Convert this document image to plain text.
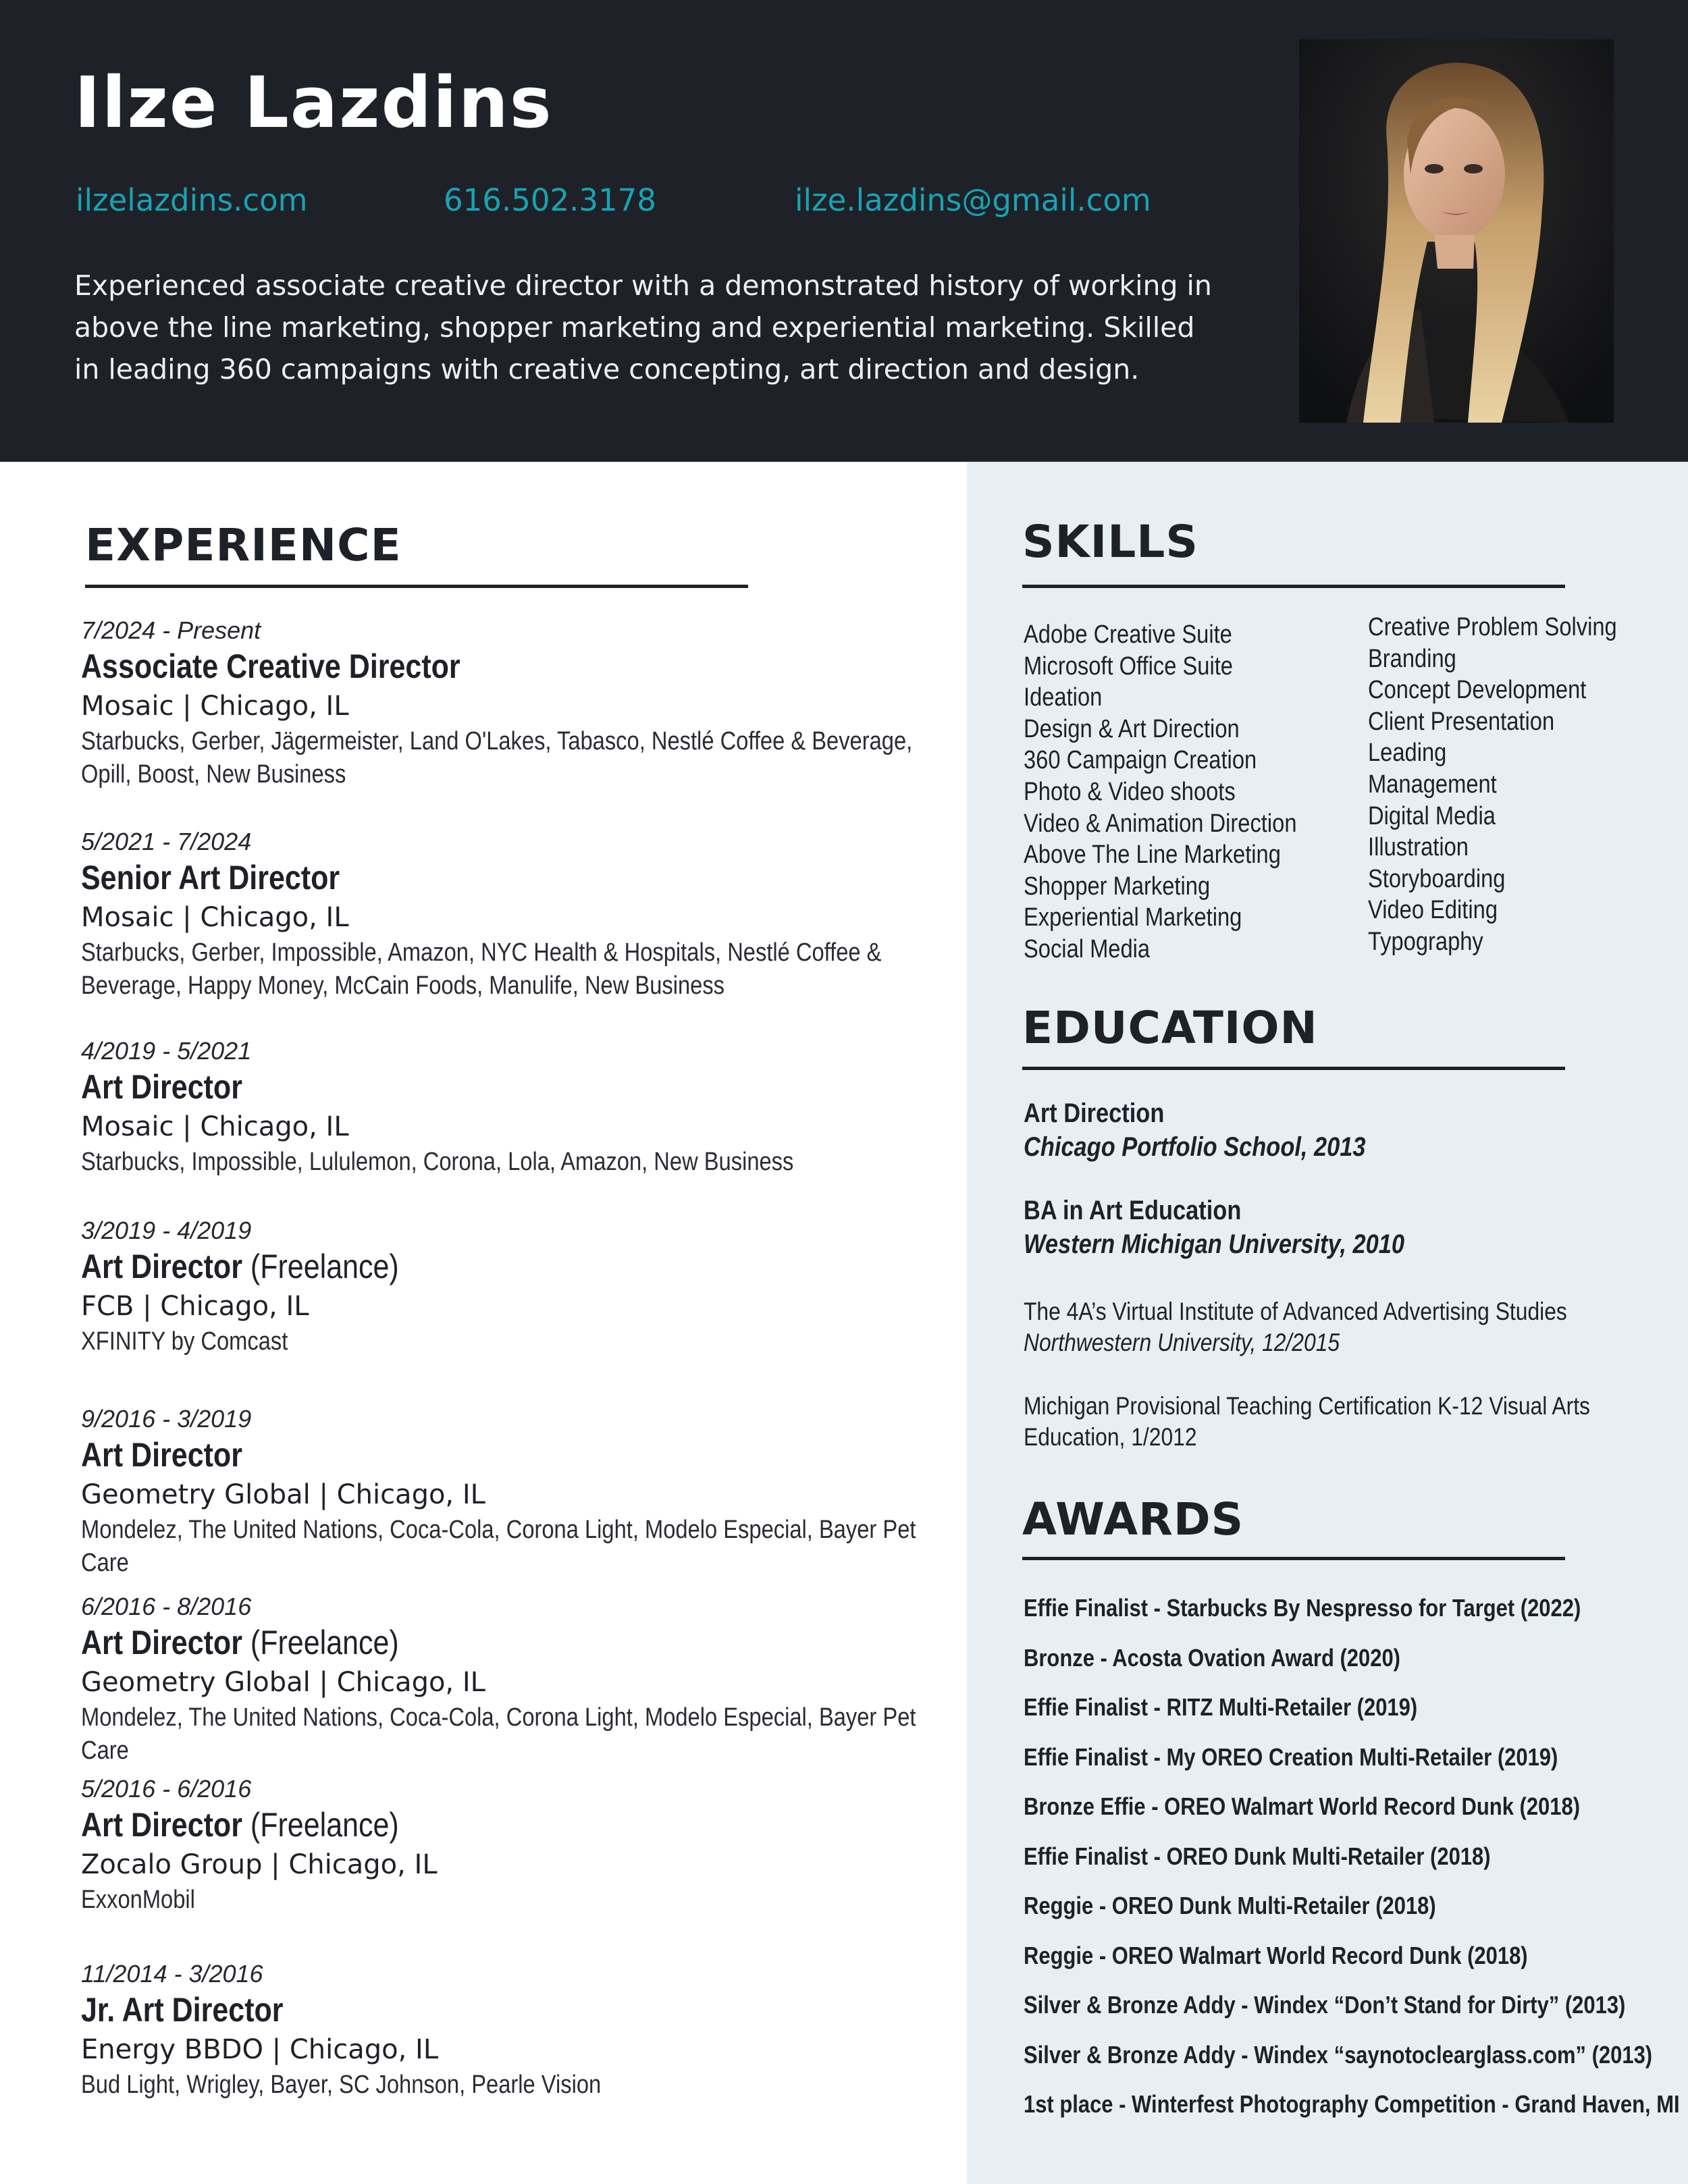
Ilze Lazdins
ilzelazdins.com	616.502.3178	ilze.lazdins@gmail.com

Experienced associate creative director with a demonstrated history of working in above the line marketing, shopper marketing and experiential marketing. Skilled in leading 360 campaigns with creative concepting, art direction and design.

EXPERIENCE
7/2024 - Present
Associate Creative Director
Mosaic | Chicago, IL
Starbucks, Gerber, Jägermeister, Land O'Lakes, Tabasco, Nestlé Coffee & Beverage, Opill, Boost, New Business
5/2021 - 7/2024
Senior Art Director
Mosaic | Chicago, IL
Starbucks, Gerber, Impossible, Amazon, NYC Health & Hospitals, Nestlé Coffee & Beverage, Happy Money, McCain Foods, Manulife, New Business
4/2019 - 5/2021
Art Director
Mosaic | Chicago, IL
Starbucks, Impossible, Lululemon, Corona, Lola, Amazon, New Business
3/2019 - 4/2019
Art Director (Freelance)
FCB | Chicago, IL
XFINITY by Comcast
9/2016 - 3/2019
Art Director
Geometry Global | Chicago, IL
Mondelez, The United Nations, Coca-Cola, Corona Light, Modelo Especial, Bayer Pet Care
6/2016 - 8/2016
Art Director (Freelance)
Geometry Global | Chicago, IL
Mondelez, The United Nations, Coca-Cola, Corona Light, Modelo Especial, Bayer Pet Care
5/2016 - 6/2016
Art Director (Freelance)
Zocalo Group | Chicago, IL
ExxonMobil
11/2014 - 3/2016
Jr. Art Director
Energy BBDO | Chicago, IL
Bud Light, Wrigley, Bayer, SC Johnson, Pearle Vision
SKILLS
Adobe Creative Suite
Microsoft Office Suite
Ideation
Design & Art Direction
360 Campaign Creation
Photo & Video shoots
Video & Animation Direction
Above The Line Marketing
Shopper Marketing
Experiential Marketing
Social Media
Creative Problem Solving
Branding
Concept Development
Client Presentation
Leading
Management
Digital Media
Illustration
Storyboarding
Video Editing
Typography
EDUCATION
Art Direction
Chicago Portfolio School, 2013
BA in Art Education
Western Michigan University, 2010
The 4A’s Virtual Institute of Advanced Advertising Studies
Northwestern University, 12/2015
Michigan Provisional Teaching Certification K-12 Visual Arts Education, 1/2012
AWARDS
Effie Finalist - Starbucks By Nespresso for Target (2022)
Bronze - Acosta Ovation Award (2020)
Effie Finalist - RITZ Multi-Retailer (2019)
Effie Finalist - My OREO Creation Multi-Retailer (2019)
Bronze Effie - OREO Walmart World Record Dunk (2018)
Effie Finalist - OREO Dunk Multi-Retailer (2018)
Reggie - OREO Dunk Multi-Retailer (2018)
Reggie - OREO Walmart World Record Dunk (2018)
Silver & Bronze Addy - Windex “Don’t Stand for Dirty” (2013)
Silver & Bronze Addy - Windex “saynotoclearglass.com” (2013)
1st place - Winterfest Photography Competition - Grand Haven, MI
